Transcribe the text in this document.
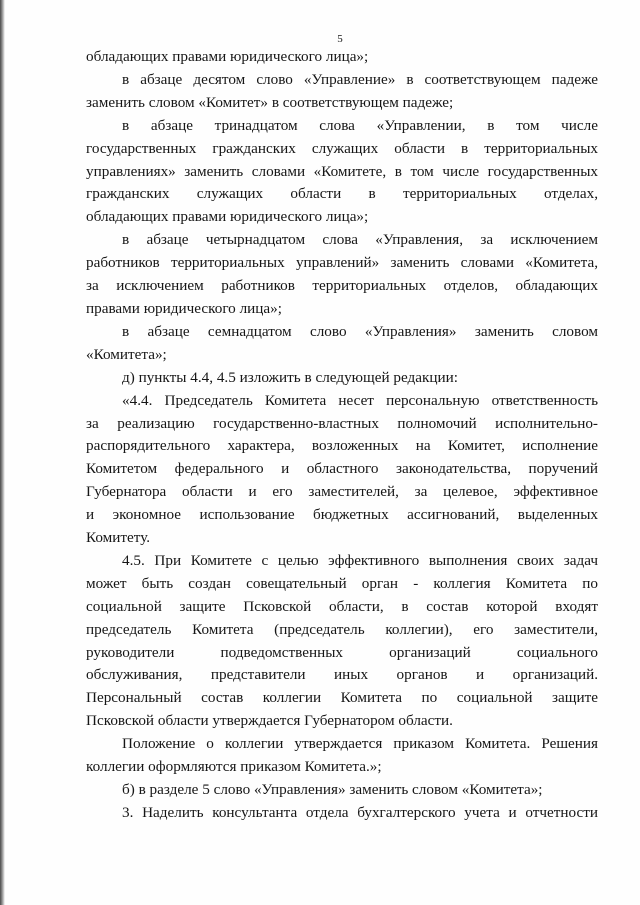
5
обладающих правами юридического лица»;
в абзаце десятом слово «Управление» в соответствующем падеже
заменить словом «Комитет» в соответствующем падеже;
в абзаце тринадцатом слова «Управлении, в том числе
государственных гражданских служащих области в территориальных
управлениях» заменить словами «Комитете, в том числе государственных
гражданских служащих области в территориальных отделах,
обладающих правами юридического лица»;
в абзаце четырнадцатом слова «Управления, за исключением
работников территориальных управлений» заменить словами «Комитета,
за исключением работников территориальных отделов, обладающих
правами юридического лица»;
в абзаце семнадцатом слово «Управления» заменить словом
«Комитета»;
д) пункты 4.4, 4.5 изложить в следующей редакции:
«4.4. Председатель Комитета несет персональную ответственность
за реализацию государственно-властных полномочий исполнительно-
распорядительного характера, возложенных на Комитет, исполнение
Комитетом федерального и областного законодательства, поручений
Губернатора области и его заместителей, за целевое, эффективное
и экономное использование бюджетных ассигнований, выделенных
Комитету.
4.5. При Комитете с целью эффективного выполнения своих задач
может быть создан совещательный орган - коллегия Комитета по
социальной защите Псковской области, в состав которой входят
председатель Комитета (председатель коллегии), его заместители,
руководители подведомственных организаций социального
обслуживания, представители иных органов и организаций.
Персональный состав коллегии Комитета по социальной защите
Псковской области утверждается Губернатором области.
Положение о коллегии утверждается приказом Комитета. Решения
коллегии оформляются приказом Комитета.»;
б) в разделе 5 слово «Управления» заменить словом «Комитета»;
3. Наделить консультанта отдела бухгалтерского учета и отчетности
